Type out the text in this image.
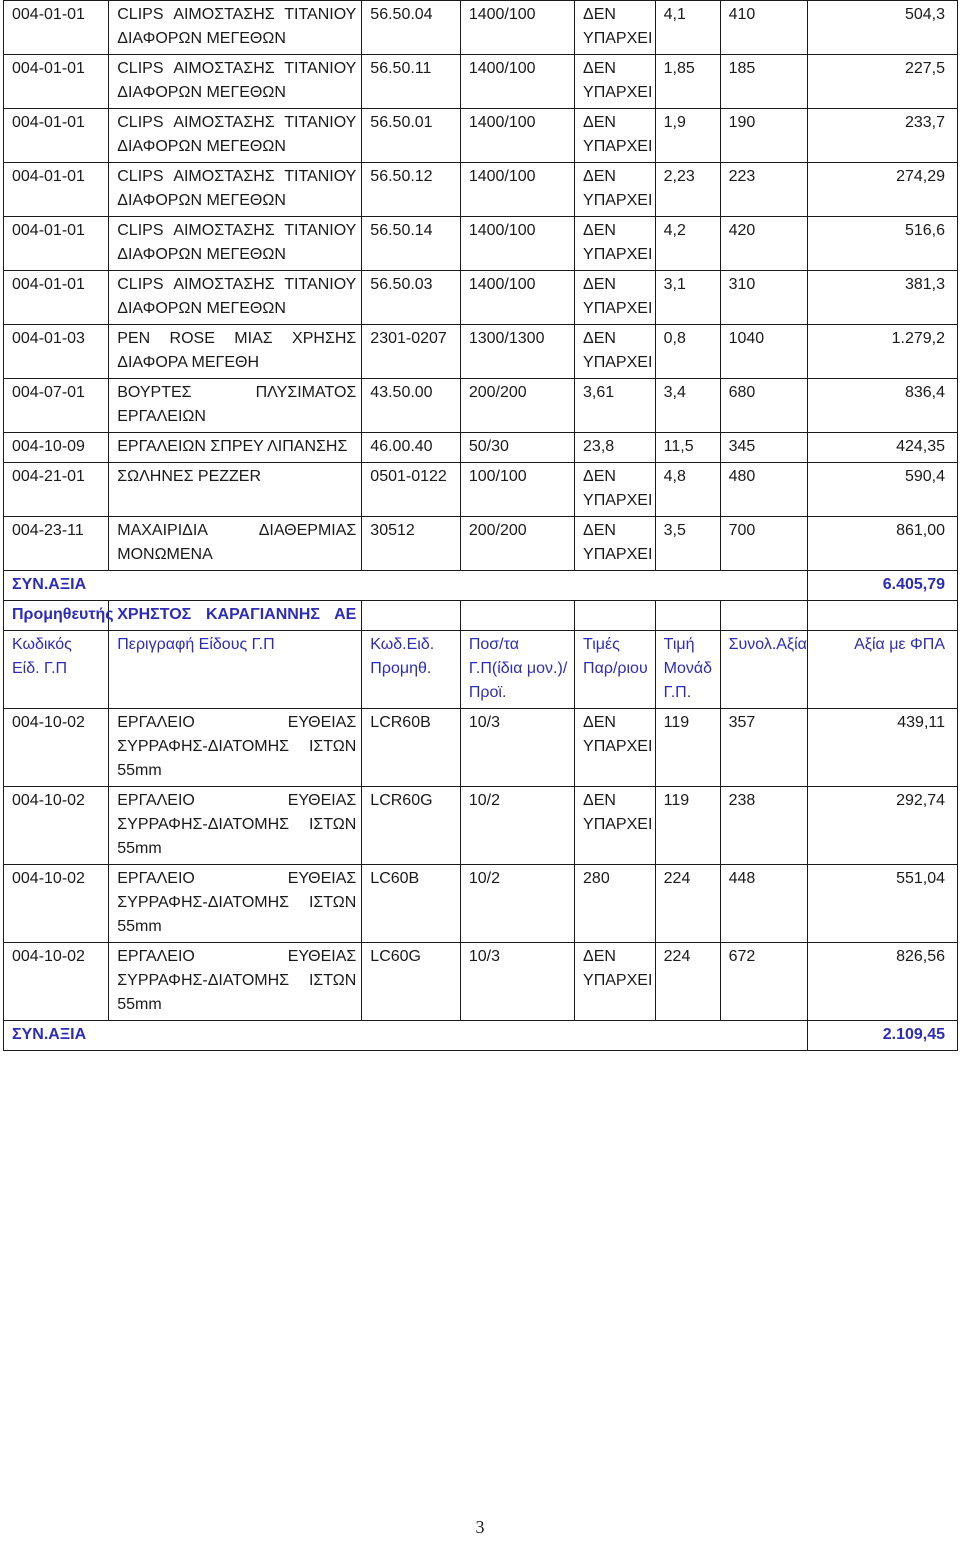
004-01-01	CLIPS ΑΙΜΟΣΤΑΣΗΣ ΤΙΤΑΝΙΟΥ ΔΙΑΦΟΡΩΝ ΜΕΓΕΘΩΝ	56.50.04	1400/100	ΔΕΝ ΥΠΑΡΧΕΙ	4,1	410	504,3
004-01-01	CLIPS ΑΙΜΟΣΤΑΣΗΣ ΤΙΤΑΝΙΟΥ ΔΙΑΦΟΡΩΝ ΜΕΓΕΘΩΝ	56.50.11	1400/100	ΔΕΝ ΥΠΑΡΧΕΙ	1,85	185	227,5
004-01-01	CLIPS ΑΙΜΟΣΤΑΣΗΣ ΤΙΤΑΝΙΟΥ ΔΙΑΦΟΡΩΝ ΜΕΓΕΘΩΝ	56.50.01	1400/100	ΔΕΝ ΥΠΑΡΧΕΙ	1,9	190	233,7
004-01-01	CLIPS ΑΙΜΟΣΤΑΣΗΣ ΤΙΤΑΝΙΟΥ ΔΙΑΦΟΡΩΝ ΜΕΓΕΘΩΝ	56.50.12	1400/100	ΔΕΝ ΥΠΑΡΧΕΙ	2,23	223	274,29
004-01-01	CLIPS ΑΙΜΟΣΤΑΣΗΣ ΤΙΤΑΝΙΟΥ ΔΙΑΦΟΡΩΝ ΜΕΓΕΘΩΝ	56.50.14	1400/100	ΔΕΝ ΥΠΑΡΧΕΙ	4,2	420	516,6
004-01-01	CLIPS ΑΙΜΟΣΤΑΣΗΣ ΤΙΤΑΝΙΟΥ ΔΙΑΦΟΡΩΝ ΜΕΓΕΘΩΝ	56.50.03	1400/100	ΔΕΝ ΥΠΑΡΧΕΙ	3,1	310	381,3
004-01-03	PEN ROSE ΜΙΑΣ ΧΡΗΣΗΣ ΔΙΑΦΟΡΑ ΜΕΓΕΘΗ	2301-0207	1300/1300	ΔΕΝ ΥΠΑΡΧΕΙ	0,8	1040	1.279,2
004-07-01	ΒΟΥΡΤΕΣ ΠΛΥΣΙΜΑΤΟΣ ΕΡΓΑΛΕΙΩΝ	43.50.00	200/200	3,61	3,4	680	836,4
004-10-09	ΕΡΓΑΛΕΙΩΝ ΣΠΡΕΥ ΛΙΠΑΝΣΗΣ	46.00.40	50/30	23,8	11,5	345	424,35
004-21-01	ΣΩΛΗΝΕΣ PEZZER	0501-0122	100/100	ΔΕΝ ΥΠΑΡΧΕΙ	4,8	480	590,4
004-23-11	ΜΑΧΑΙΡΙΔΙΑ ΔΙΑΘΕΡΜΙΑΣ ΜΟΝΩΜΕΝΑ	30512	200/200	ΔΕΝ ΥΠΑΡΧΕΙ	3,5	700	861,00
ΣΥΝ.ΑΞΙΑ							6.405,79
Προμηθευτής	ΧΡΗΣΤΟΣ ΚΑΡΑΓΙΑΝΝΗΣ ΑΕ						
Κωδικός Είδ. Γ.Π	Περιγραφή Είδους Γ.Π	Κωδ.Ειδ. Προμηθ.	Ποσ/τα Γ.Π(ίδια μον.)/Προϊ.	Τιμές Παρ/ριου	Τιμή Μονάδ Γ.Π.	Συνολ.Αξία	Αξία με ΦΠΑ
004-10-02	ΕΡΓΑΛΕΙΟ ΕΥΘΕΙΑΣ ΣΥΡΡΑΦΗΣ-ΔΙΑΤΟΜΗΣ ΙΣΤΩΝ 55mm	LCR60B	10/3	ΔΕΝ ΥΠΑΡΧΕΙ	119	357	439,11
004-10-02	ΕΡΓΑΛΕΙΟ ΕΥΘΕΙΑΣ ΣΥΡΡΑΦΗΣ-ΔΙΑΤΟΜΗΣ ΙΣΤΩΝ 55mm	LCR60G	10/2	ΔΕΝ ΥΠΑΡΧΕΙ	119	238	292,74
004-10-02	ΕΡΓΑΛΕΙΟ ΕΥΘΕΙΑΣ ΣΥΡΡΑΦΗΣ-ΔΙΑΤΟΜΗΣ ΙΣΤΩΝ 55mm	LC60B	10/2	280	224	448	551,04
004-10-02	ΕΡΓΑΛΕΙΟ ΕΥΘΕΙΑΣ ΣΥΡΡΑΦΗΣ-ΔΙΑΤΟΜΗΣ ΙΣΤΩΝ 55mm	LC60G	10/3	ΔΕΝ ΥΠΑΡΧΕΙ	224	672	826,56
ΣΥΝ.ΑΞΙΑ							2.109,45
3
